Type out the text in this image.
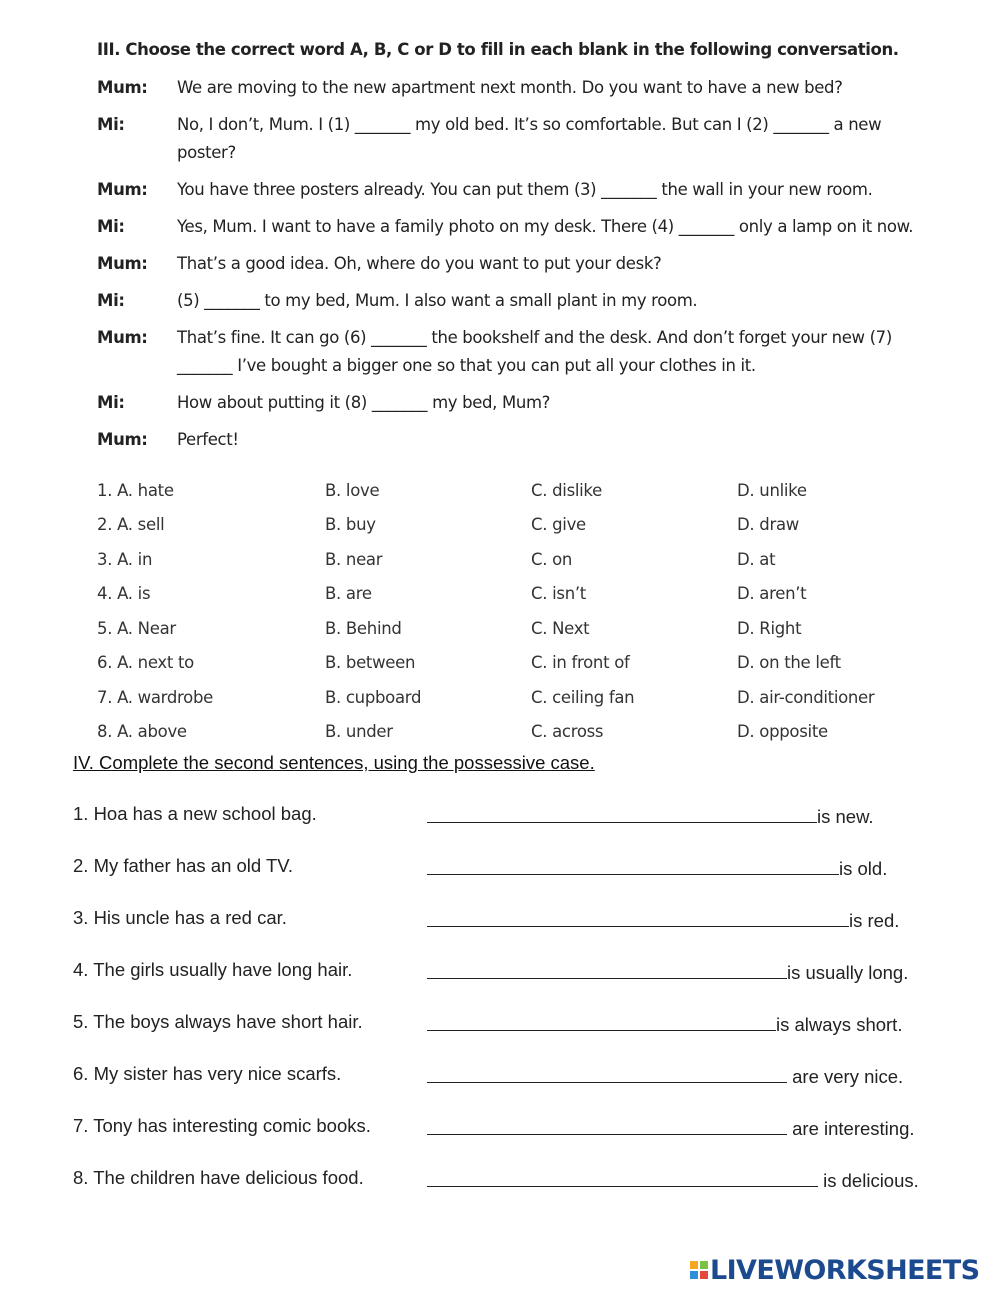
III. Choose the correct word A, B, C or D to fill in each blank in the following conversation.
Mum:	We are moving to the new apartment next month. Do you want to have a new bed?
Mi:	No, I don’t, Mum. I (1) _______ my old bed. It’s so comfortable. But can I (2) _______ a new poster?
Mum:	You have three posters already. You can put them (3) _______ the wall in your new room.
Mi:	Yes, Mum. I want to have a family photo on my desk. There (4) _______ only a lamp on it now.
Mum:	That’s a good idea. Oh, where do you want to put your desk?
Mi:	(5) _______ to my bed, Mum. I also want a small plant in my room.
Mum:	That’s fine. It can go (6) _______ the bookshelf and the desk. And don’t forget your new (7) _______ I’ve bought a bigger one so that you can put all your clothes in it.
Mi:	How about putting it (8) _______ my bed, Mum?
Mum:	Perfect!
1. A. hate	B. love	C. dislike	D. unlike
2. A. sell	B. buy	C. give	D. draw
3. A. in	B. near	C. on	D. at
4. A. is	B. are	C. isn’t	D. aren’t
5. A. Near	B. Behind	C. Next	D. Right
6. A. next to	B. between	C. in front of	D. on the left
7. A. wardrobe	B. cupboard	C. ceiling fan	D. air-conditioner
8. A. above	B. under	C. across	D. opposite
IV. Complete the second sentences, using the possessive case.
1. Hoa has a new school bag.	is new.
2. My father has an old TV.	is old.
3. His uncle has a red car.	is red.
4. The girls usually have long hair.	is usually long.
5. The boys always have short hair.	is always short.
6. My sister has very nice scarfs.	are very nice.
7. Tony has interesting comic books.	are interesting.
8. The children have delicious food.	is delicious.
LIVEWORKSHEETS
